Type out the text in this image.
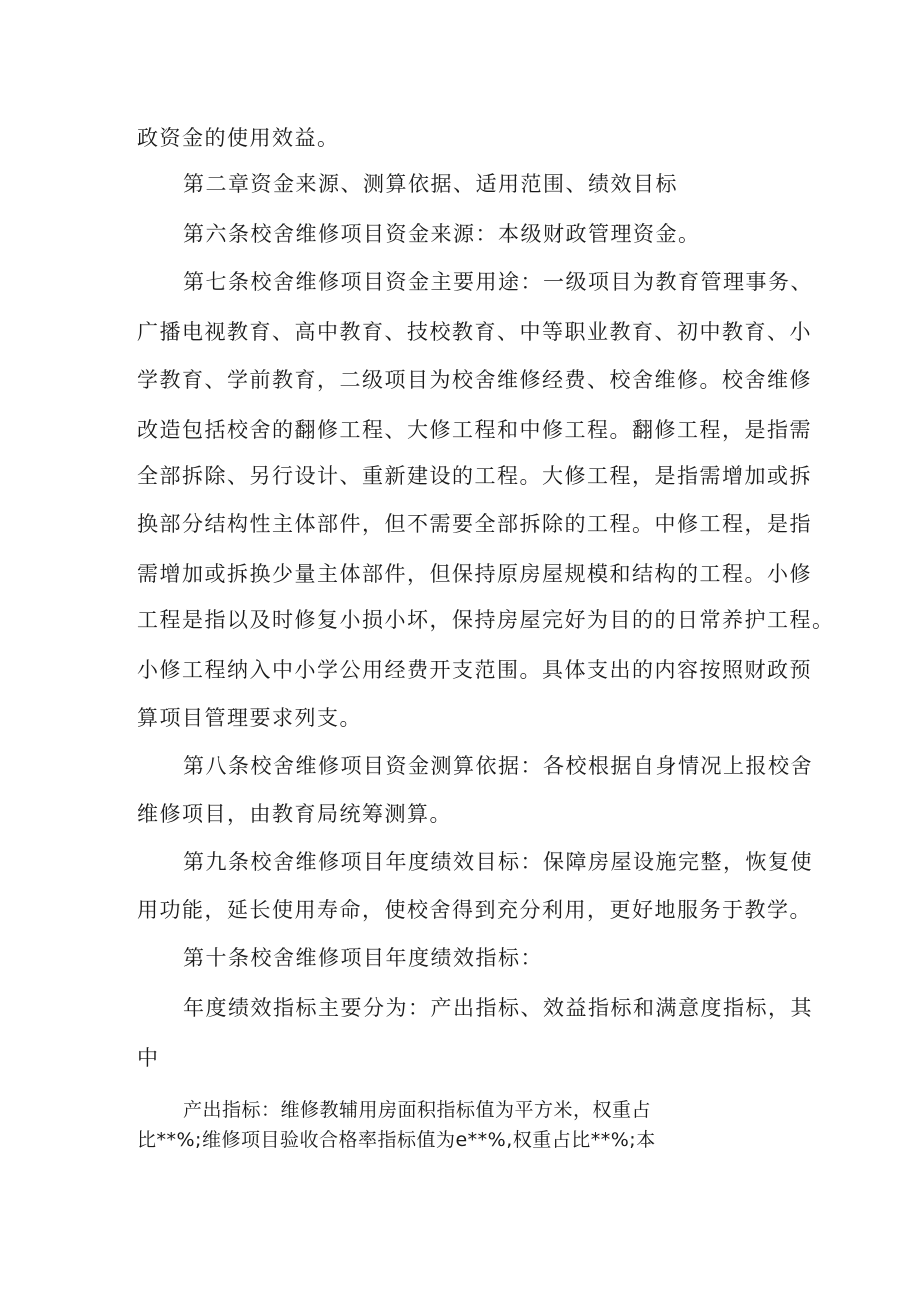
政资金的使用效益。
第二章资金来源、测算依据、适用范围、绩效目标
第六条校舍维修项目资金来源：本级财政管理资金。
第七条校舍维修项目资金主要用途：一级项目为教育管理事务、
广播电视教育、高中教育、技校教育、中等职业教育、初中教育、小
学教育、学前教育，二级项目为校舍维修经费、校舍维修。校舍维修
改造包括校舍的翻修工程、大修工程和中修工程。翻修工程，是指需
全部拆除、另行设计、重新建设的工程。大修工程，是指需增加或拆
换部分结构性主体部件，但不需要全部拆除的工程。中修工程，是指
需增加或拆换少量主体部件，但保持原房屋规模和结构的工程。小修
工程是指以及时修复小损小坏，保持房屋完好为目的的日常养护工程。
小修工程纳入中小学公用经费开支范围。具体支出的内容按照财政预
算项目管理要求列支。
第八条校舍维修项目资金测算依据：各校根据自身情况上报校舍
维修项目，由教育局统筹测算。
第九条校舍维修项目年度绩效目标：保障房屋设施完整，恢复使
用功能，延长使用寿命，使校舍得到充分利用，更好地服务于教学。
第十条校舍维修项目年度绩效指标：
年度绩效指标主要分为：产出指标、效益指标和满意度指标，其
中
产出指标：维修教辅用房面积指标值为平方米，权重占
比**%;维修项目验收合格率指标值为e**%,权重占比**%;本
